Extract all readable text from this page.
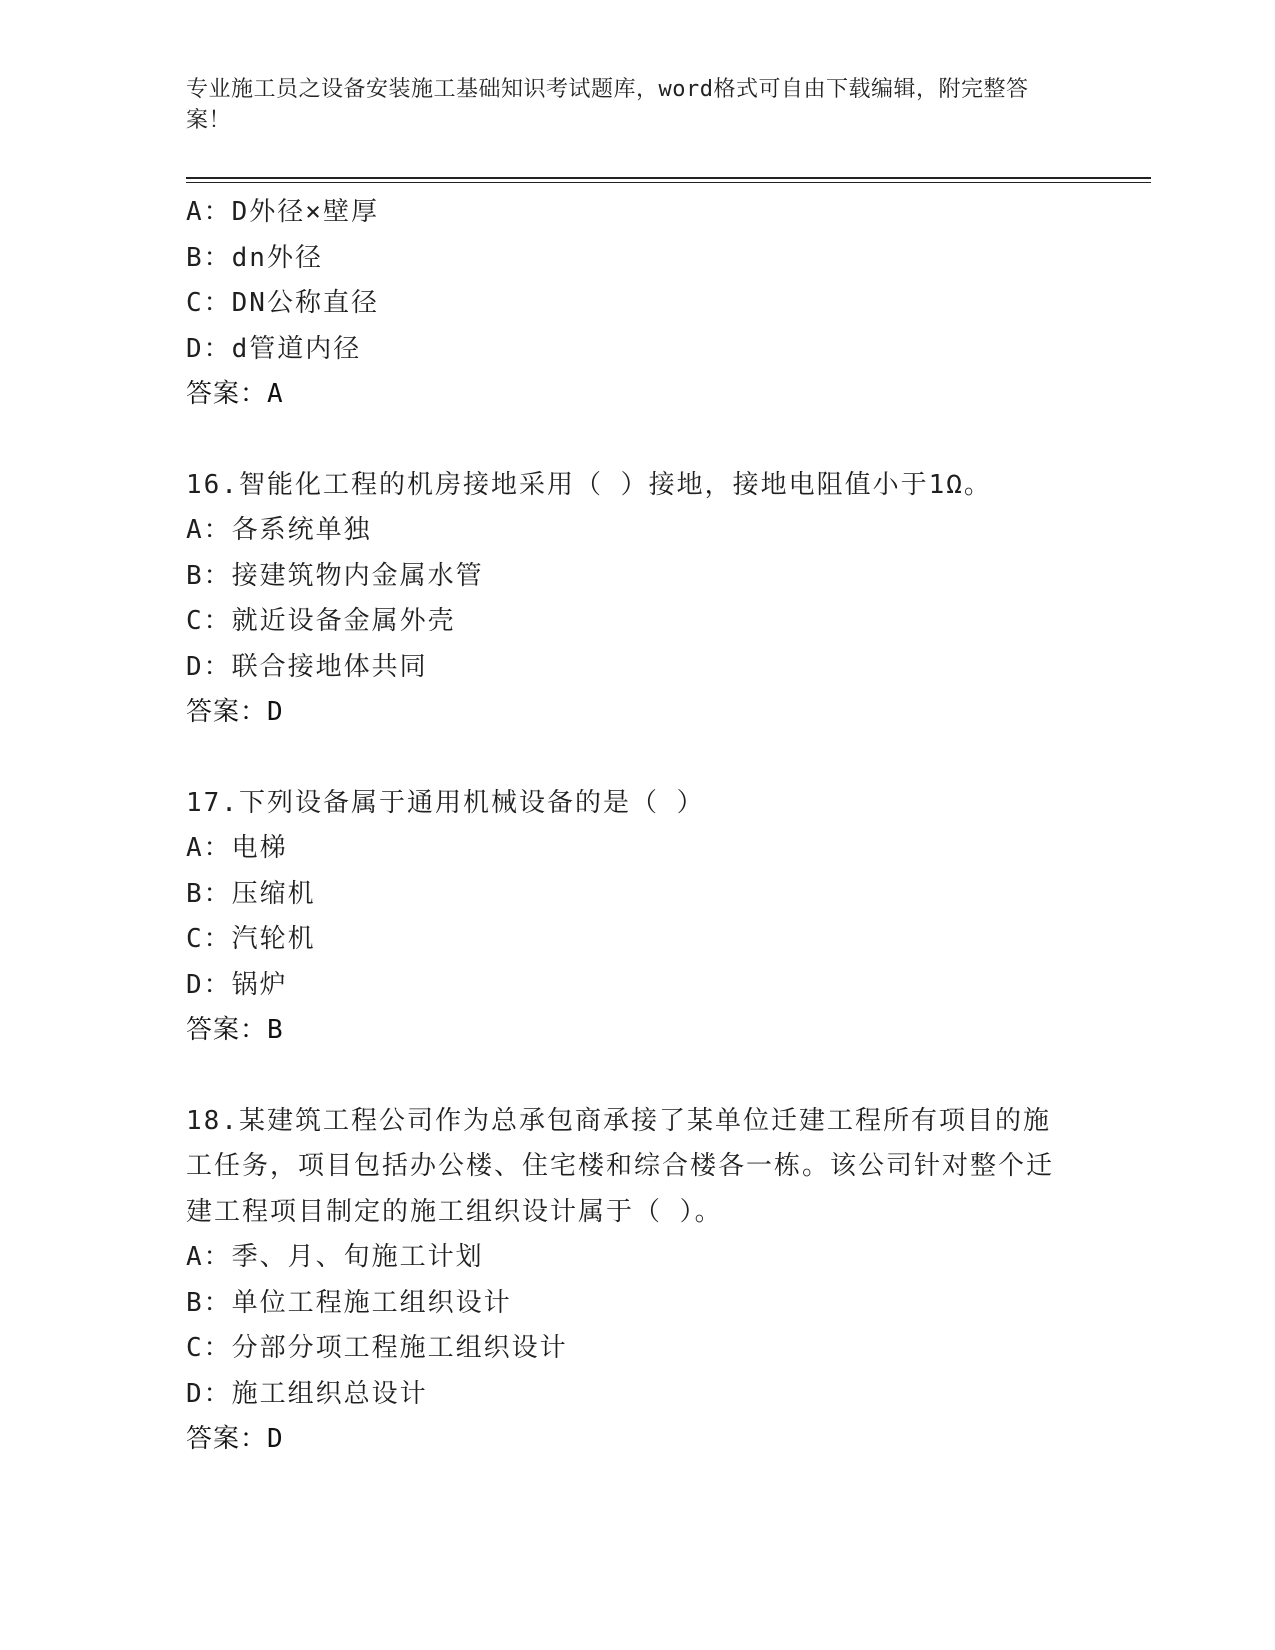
专业施工员之设备安装施工基础知识考试题库，word格式可自由下载编辑，附完整答案！
A：D外径×壁厚
B：dn外径
C：DN公称直径
D：d管道内径
答案：A
16.智能化工程的机房接地采用（ ）接地，接地电阻值小于1Ω。
A：各系统单独
B：接建筑物内金属水管
C：就近设备金属外壳
D：联合接地体共同
答案：D
17.下列设备属于通用机械设备的是（ ）
A：电梯
B：压缩机
C：汽轮机
D：锅炉
答案：B
18.某建筑工程公司作为总承包商承接了某单位迁建工程所有项目的施工任务，项目包括办公楼、住宅楼和综合楼各一栋。该公司针对整个迁建工程项目制定的施工组织设计属于（ ）。
A：季、月、旬施工计划
B：单位工程施工组织设计
C：分部分项工程施工组织设计
D：施工组织总设计
答案：D
